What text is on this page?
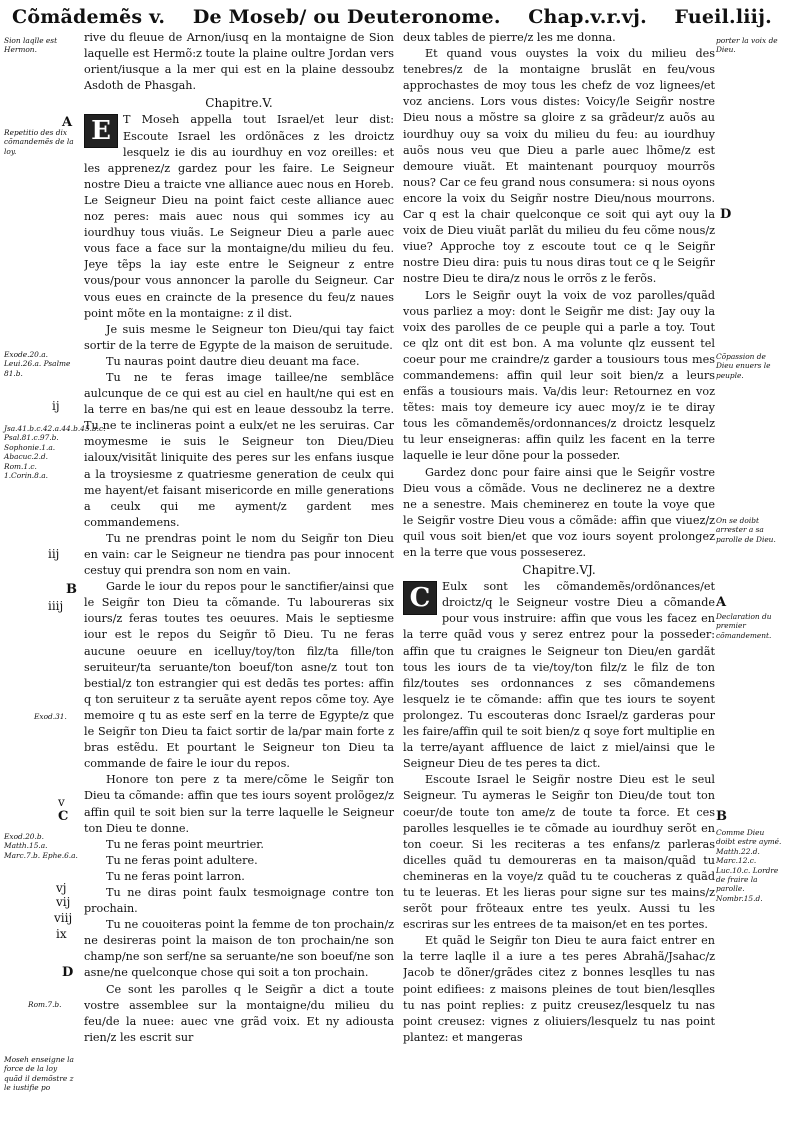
Cõmãdemẽs v. De Moseb/ ou Deuteronome. Chap.v.r.vj. Fueil.liij.
Sion laqlle est Hermon.
Repetitio des dix cõmandemẽs de la loy.
A
Exode.20.a. Leui.26.a. Psalme 81.b.
ij
Jsa.41.b.c.42.a.44.b.45.b.c. Psal.81.c.97.b. Sophonie.1.a. Abacuc.2.d. Rom.1.c. 1.Corin.8.a.
iij
B
iiij
Exod.31.
C
v
Exod.20.b. Matth.15.a. Marc.7.b. Ephe.6.a.
vj
vij
viij
ix
D
Rom.7.b.
Moseh enseigne la force de la loy quãd il demõstre z le iustifie po

rive du fleuue de Arnon/iusq en la montaigne de Sion laquelle est Hermõ:z toute la plaine oultre Jordan vers orient/iusque a la mer qui est en la plaine dessoubz Asdoth de Phasgah.

Chapitre.V.
E	T Moseh appella tout Israel/et leur dist: Escoute Israel les ordõnãces z les droictz lesquelz ie dis au iourdhuy en voz oreilles: et les apprenez/z gardez pour les faire. Le Seigneur nostre Dieu a traicte vne alliance auec nous en Horeb. Le Seigneur Dieu na point faict ceste alliance auec noz peres: mais auec nous qui sommes icy au iourdhuy tous viuãs. Le Seigneur Dieu a parle auec vous face a face sur la montaigne/du milieu du feu. Jeye tẽps la iay este entre le Seigneur z entre vous/pour vous annoncer la parolle du Seigneur. Car vous eues en craincte de la presence du feu/z naues point mõte en la montaigne: z il dist.

Je suis mesme le Seigneur ton Dieu/qui tay faict sortir de la terre de Egypte de la maison de seruitude.

Tu nauras point dautre dieu deuant ma face.

Tu ne te feras image taillee/ne semblãce aulcunque de ce qui est au ciel en hault/ne qui est en la terre en bas/ne qui est en leaue dessoubz la terre. Tu ne te inclineras point a eulx/et ne les seruiras. Car moymesme ie suis le Seigneur ton Dieu/Dieu ialoux/visitãt liniquite des peres sur les enfans iusque a la troysiesme z quatriesme generation de ceulx qui me hayent/et faisant misericorde en mille generations a ceulx qui me ayment/z gardent mes commandemens.

Tu ne prendras point le nom du Seigñr ton Dieu en vain: car le Seigneur ne tiendra pas pour innocent cestuy qui prendra son nom en vain.

Garde le iour du repos pour le sanctifier/ainsi que le Seigñr ton Dieu ta cõmande. Tu laboureras six iours/z feras toutes tes oeuures. Mais le septiesme iour est le repos du Seigñr tõ Dieu. Tu ne feras aucune oeuure en icelluy/toy/ton filz/ta fille/ton seruiteur/ta seruante/ton boeuf/ton asne/z tout ton bestial/z ton estrangier qui est dedãs tes portes: affin q ton seruiteur z ta seruãte ayent repos cõme toy. Aye memoire q tu as este serf en la terre de Egypte/z que le Seigñr ton Dieu ta faict sortir de la/par main forte z bras estẽdu. Et pourtant le Seigneur ton Dieu ta commande de faire le iour du repos.

Honore ton pere z ta mere/cõme le Seigñr ton Dieu ta cõmande: affin que tes iours soyent prolõgez/z affin quil te soit bien sur la terre laquelle le Seigneur ton Dieu te donne.

Tu ne feras point meurtrier.

Tu ne feras point adultere.

Tu ne feras point larron.

Tu ne diras point faulx tesmoignage contre ton prochain.

Tu ne couoiteras point la femme de ton prochain/z ne desireras point la maison de ton prochain/ne son champ/ne son serf/ne sa seruante/ne son boeuf/ne son asne/ne quelconque chose qui soit a ton prochain.

Ce sont les parolles q le Seigñr a dict a toute vostre assemblee sur la montaigne/du milieu du feu/de la nuee: auec vne grãd voix. Et ny adiousta rien/z les escrit sur

deux tables de pierre/z les me donna.

Et quand vous ouystes la voix du milieu des tenebres/z de la montaigne bruslãt en feu/vous approchastes de moy tous les chefz de voz lignees/et voz anciens. Lors vous distes: Voicy/le Seigñr nostre Dieu nous a mõstre sa gloire z sa grãdeur/z auõs au iourdhuy ouy sa voix du milieu du feu: au iourdhuy auõs nous veu que Dieu a parle auec lhõme/z est demoure viuãt. Et maintenant pourquoy mourrõs nous? Car ce feu grand nous consumera: si nous oyons encore la voix du Seigñr nostre Dieu/nous mourrons. Car q est la chair quelconque ce soit qui ayt ouy la voix de Dieu viuãt parlãt du milieu du feu cõme nous/z viue? Approche toy z escoute tout ce q le Seigñr nostre Dieu dira: puis tu nous diras tout ce q le Seigñr nostre Dieu te dira/z nous le orrõs z le ferõs.

Lors le Seigñr ouyt la voix de voz parolles/quãd vous parliez a moy: dont le Seigñr me dist: Jay ouy la voix des parolles de ce peuple qui a parle a toy. Tout ce qlz ont dit est bon. A ma volunte qlz eussent tel coeur pour me craindre/z garder a tousiours tous mes commandemens: affin quil leur soit bien/z a leurs enfãs a tousiours mais. Va/dis leur: Retournez en voz tẽtes: mais toy demeure icy auec moy/z ie te diray tous les cõmandemẽs/ordonnances/z droictz lesquelz tu leur enseigneras: affin quilz les facent en la terre laquelle ie leur dõne pour la posseder.

Gardez donc pour faire ainsi que le Seigñr vostre Dieu vous a cõmãde. Vous ne declinerez ne a dextre ne a senestre. Mais cheminerez en toute la voye que le Seigñr vostre Dieu vous a cõmãde: affin que viuez/z quil vous soit bien/et que voz iours soyent prolongez en la terre que vous posseserez.

Chapitre.VJ.
C	Eulx sont les cõmandemẽs/ordõnances/et droictz/q le Seigneur vostre Dieu a cõmande pour vous instruire: affin que vous les facez en la terre quãd vous y serez entrez pour la posseder: affin que tu craignes le Seigneur ton Dieu/en gardãt tous les iours de ta vie/toy/ton filz/z le filz de ton filz/toutes ses ordonnances z ses cõmandemens lesquelz ie te cõmande: affin que tes iours te soyent prolongez. Tu escouteras donc Israel/z garderas pour les faire/affin quil te soit bien/z q soye fort multiplie en la terre/ayant affluence de laict z miel/ainsi que le Seigneur Dieu de tes peres ta dict.

Escoute Israel le Seigñr nostre Dieu est le seul Seigneur. Tu aymeras le Seigñr ton Dieu/de tout ton coeur/de toute ton ame/z de toute ta force. Et ces parolles lesquelles ie te cõmade au iourdhuy serõt en ton coeur. Si les reciteras a tes enfans/z parleras dicelles quãd tu demoureras en ta maison/quãd tu chemineras en la voye/z quãd tu te coucheras z quãd tu te leueras. Et les lieras pour signe sur tes mains/z serõt pour frõteaux entre tes yeulx. Aussi tu les escriras sur les entrees de ta maison/et en tes portes.

Et quãd le Seigñr ton Dieu te aura faict entrer en la terre laqlle il a iure a tes peres Abrahã/Jsahac/z Jacob te dõner/grãdes citez z bonnes lesqlles tu nas point edifiees: z maisons pleines de tout bien/lesqlles tu nas point replies: z puitz creusez/lesquelz tu nas point creusez: vignes z oliuiers/lesquelz tu nas point plantez: et mangeras

porter la voix de Dieu.
D
Cõpassion de Dieu enuers le peuple.
On se doibt arrester a sa parolle de Dieu.
A
Declaration du premier cõmandement.
B
Comme Dieu doibt estre aymé. Matth.22.d. Marc.12.c. Luc.10.c. Lordre de fraire la parolle. Nombr.15.d.
